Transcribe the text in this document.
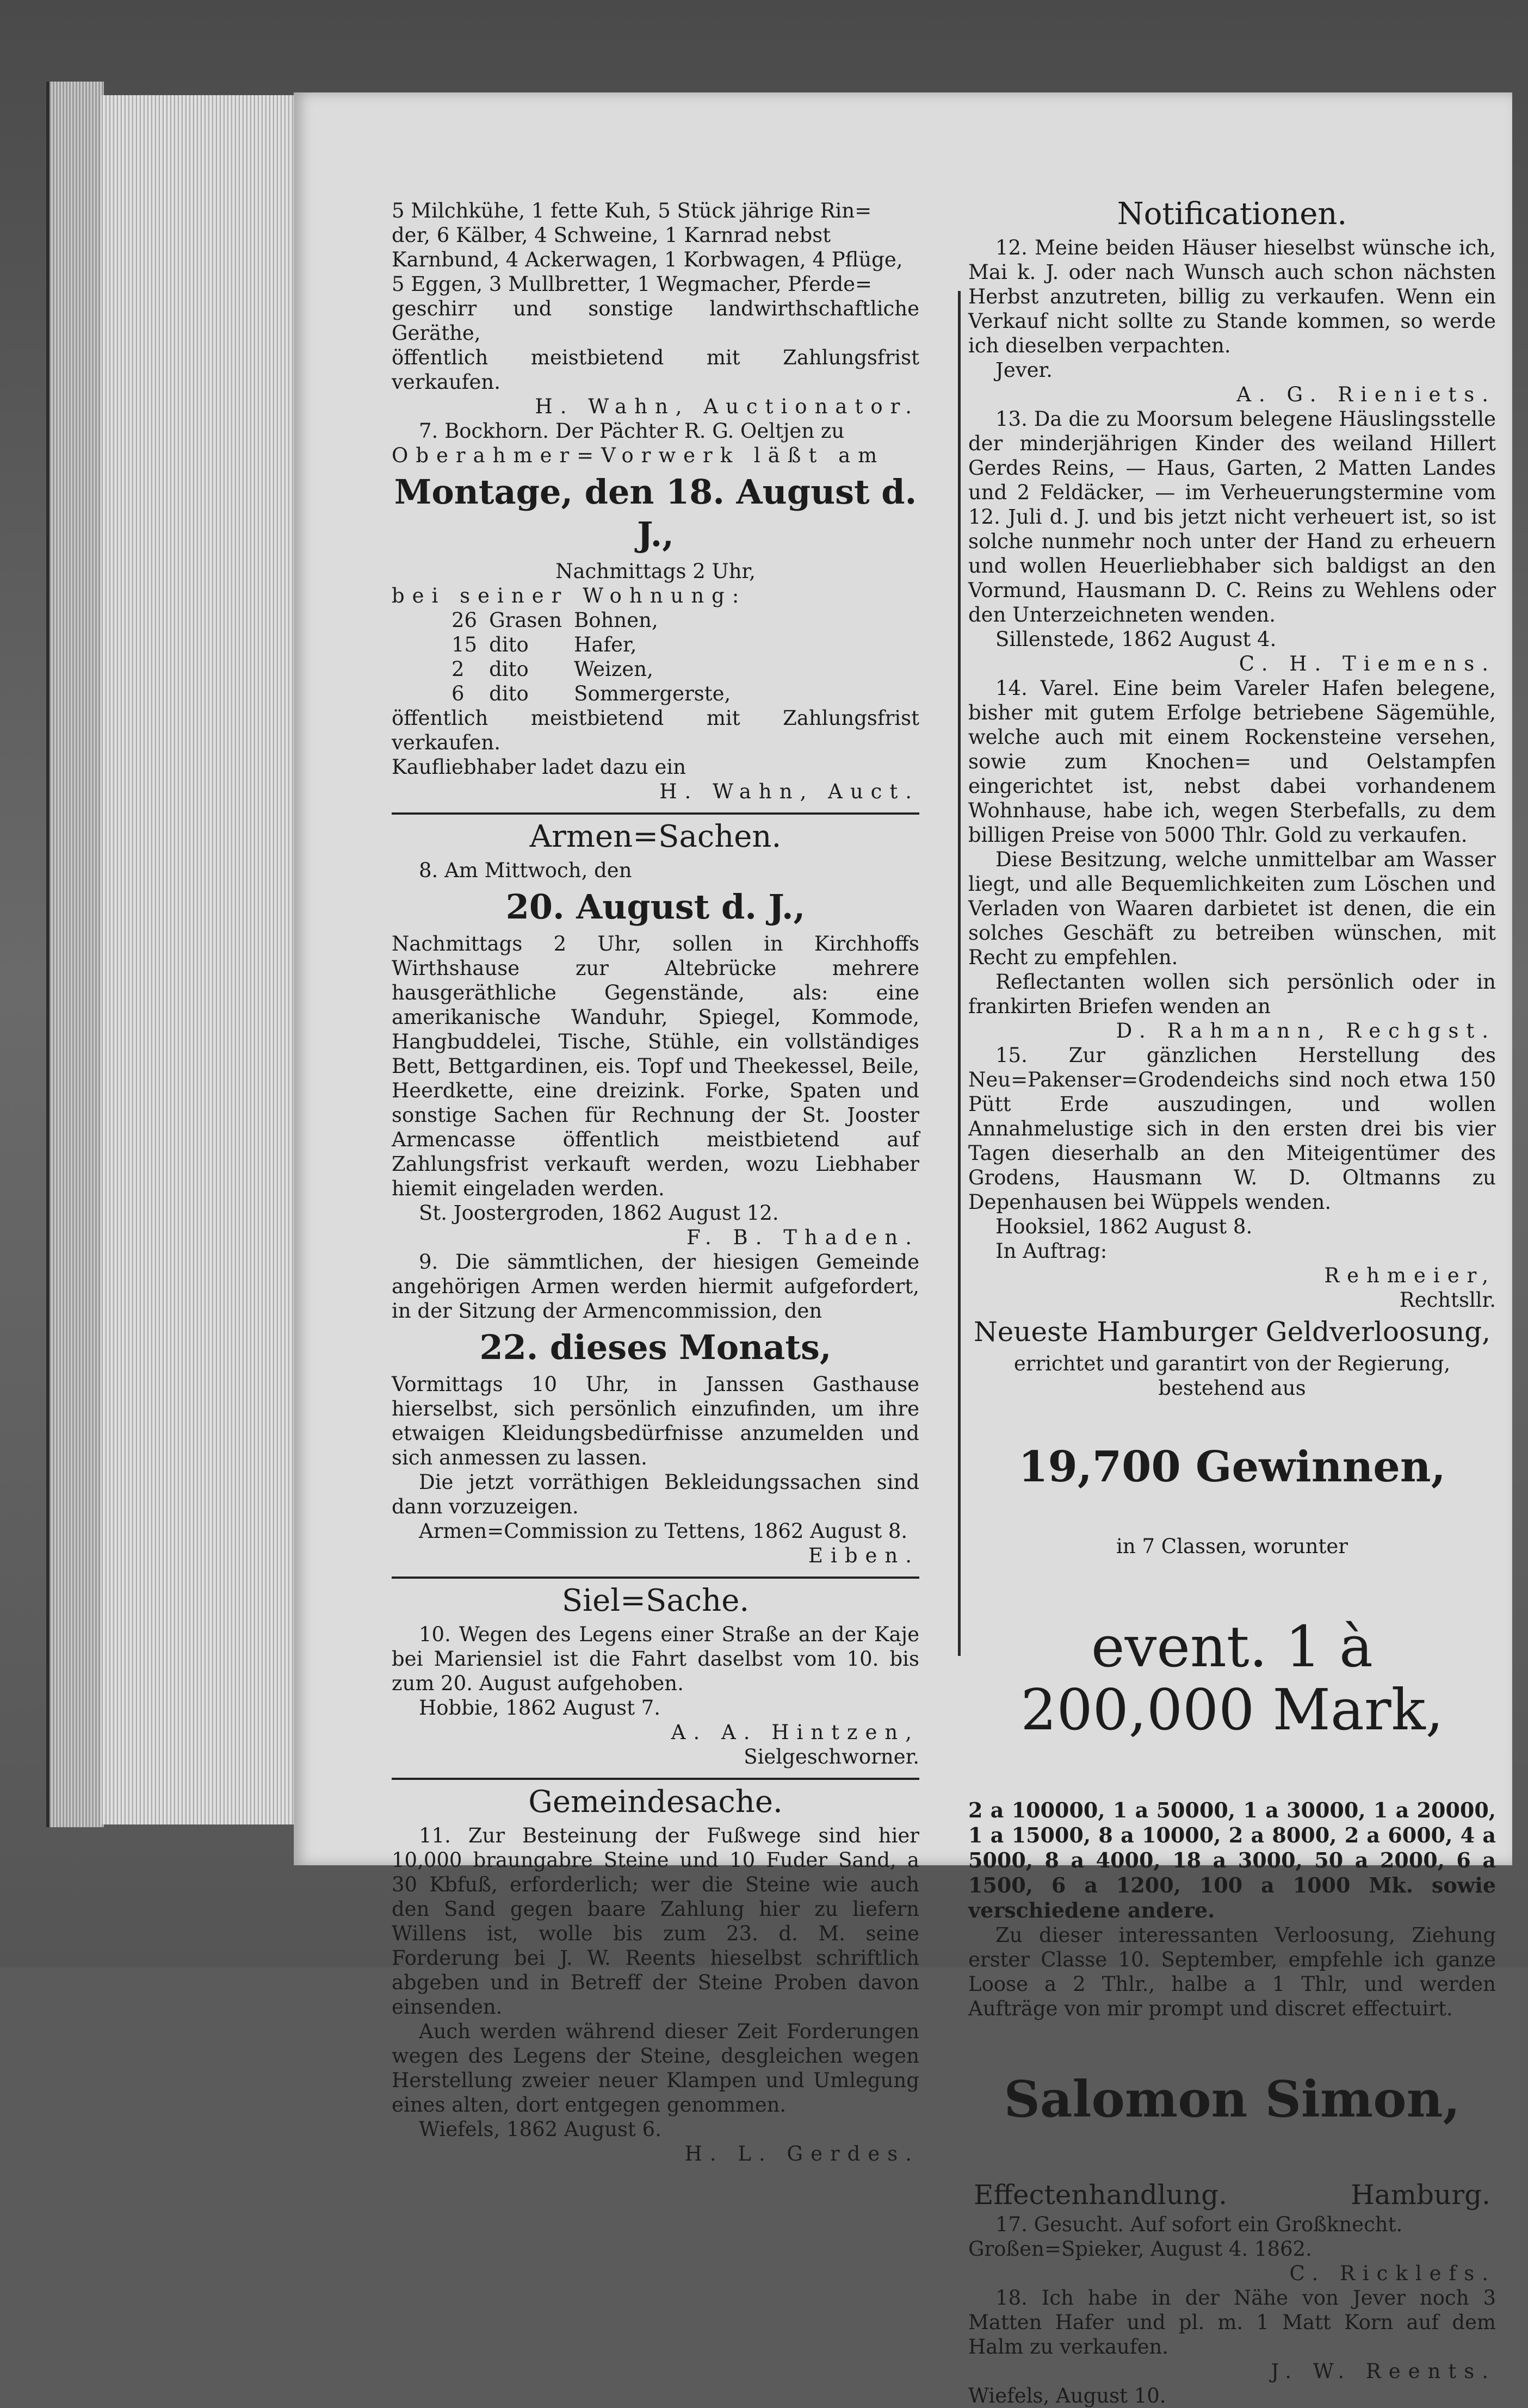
5 Milchkühe, 1 fette Kuh, 5 Stück jährige Rin=

der, 6 Kälber, 4 Schweine, 1 Karnrad nebst

Karnbund, 4 Ackerwagen, 1 Korbwagen, 4 Pflüge,

5 Eggen, 3 Mullbretter, 1 Wegmacher, Pferde=

geschirr und sonstige landwirthschaftliche Geräthe,

öffentlich meistbietend mit Zahlungsfrist verkaufen.

H. Wahn, Auctionator.

7. Bockhorn. Der Pächter R. G. Oeltjen zu

Oberahmer=Vorwerk läßt am

Montage, den 18. August d. J.,

Nachmittags 2 Uhr,

bei seiner Wohnung:

26	Grasen	Bohnen,
15	dito	Hafer,
2	dito	Weizen,
6	dito	Sommergerste,

öffentlich meistbietend mit Zahlungsfrist verkaufen.

Kaufliebhaber ladet dazu ein

H. Wahn, Auct.

Armen=Sachen.

8. Am Mittwoch, den

20. August d. J.,

Nachmittags 2 Uhr, sollen in Kirchhoffs Wirthshause zur Altebrücke mehrere hausgeräthliche Gegenstände, als: eine amerikanische Wanduhr, Spiegel, Kommode, Hangbuddelei, Tische, Stühle, ein vollständiges Bett, Bettgardinen, eis. Topf und Theekessel, Beile, Heerdkette, eine dreizink. Forke, Spaten und sonstige Sachen für Rechnung der St. Jooster Armencasse öffentlich meistbietend auf Zahlungsfrist verkauft werden, wozu Liebhaber hiemit eingeladen werden.

St. Joostergroden, 1862 August 12.

F. B. Thaden.

9. Die sämmtlichen, der hiesigen Gemeinde angehörigen Armen werden hiermit aufgefordert, in der Sitzung der Armencommission, den

22. dieses Monats,

Vormittags 10 Uhr, in Janssen Gasthause hierselbst, sich persönlich einzufinden, um ihre etwaigen Kleidungsbedürfnisse anzumelden und sich anmessen zu lassen.

Die jetzt vorräthigen Bekleidungssachen sind dann vorzuzeigen.

Armen=Commission zu Tettens, 1862 August 8.

Eiben.

Siel=Sache.

10. Wegen des Legens einer Straße an der Kaje bei Mariensiel ist die Fahrt daselbst vom 10. bis zum 20. August aufgehoben.

Hobbie, 1862 August 7.

A. A. Hintzen,

Sielgeschworner.

Gemeindesache.

11. Zur Besteinung der Fußwege sind hier 10,000 braungabre Steine und 10 Fuder Sand, a 30 Kbfuß, erforderlich; wer die Steine wie auch den Sand gegen baare Zahlung hier zu liefern Willens ist, wolle bis zum 23. d. M. seine Forderung bei J. W. Reents hieselbst schriftlich abgeben und in Betreff der Steine Proben davon einsenden.

Auch werden während dieser Zeit Forderungen wegen des Legens der Steine, desgleichen wegen Herstellung zweier neuer Klampen und Umlegung eines alten, dort entgegen genommen.

Wiefels, 1862 August 6.

H. L. Gerdes.

Notificationen.

12. Meine beiden Häuser hieselbst wünsche ich, Mai k. J. oder nach Wunsch auch schon nächsten Herbst anzutreten, billig zu verkaufen. Wenn ein Verkauf nicht sollte zu Stande kommen, so werde ich dieselben verpachten.

Jever.

A. G. Rieniets.

13. Da die zu Moorsum belegene Häuslingsstelle der minderjährigen Kinder des weiland Hillert Gerdes Reins, — Haus, Garten, 2 Matten Landes und 2 Feldäcker, — im Verheuerungstermine vom 12. Juli d. J. und bis jetzt nicht verheuert ist, so ist solche nunmehr noch unter der Hand zu erheuern und wollen Heuerliebhaber sich baldigst an den Vormund, Hausmann D. C. Reins zu Wehlens oder den Unterzeichneten wenden.

Sillenstede, 1862 August 4.

C. H. Tiemens.

14. Varel. Eine beim Vareler Hafen belegene, bisher mit gutem Erfolge betriebene Sägemühle, welche auch mit einem Rockensteine versehen, sowie zum Knochen= und Oelstampfen eingerichtet ist, nebst dabei vorhandenem Wohnhause, habe ich, wegen Sterbefalls, zu dem billigen Preise von 5000 Thlr. Gold zu verkaufen.

Diese Besitzung, welche unmittelbar am Wasser liegt, und alle Bequemlichkeiten zum Löschen und Verladen von Waaren darbietet ist denen, die ein solches Geschäft zu betreiben wünschen, mit Recht zu empfehlen.

Reflectanten wollen sich persönlich oder in frankirten Briefen wenden an

D. Rahmann, Rechgst.

15. Zur gänzlichen Herstellung des Neu=Pakenser=Grodendeichs sind noch etwa 150 Pütt Erde auszudingen, und wollen Annahmelustige sich in den ersten drei bis vier Tagen dieserhalb an den Miteigentümer des Grodens, Hausmann W. D. Oltmanns zu Depenhausen bei Wüppels wenden.

Hooksiel, 1862 August 8.

In Auftrag:

Rehmeier,

Rechtsllr.

Neueste Hamburger Geldverloosung,

errichtet und garantirt von der Regierung, bestehend aus

19,700 Gewinnen,

in 7 Classen, worunter

event. 1 à 200,000 Mark,

2 a 100000, 1 a 50000, 1 a 30000, 1 a 20000, 1 a 15000, 8 a 10000, 2 a 8000, 2 a 6000, 4 a 5000, 8 a 4000, 18 a 3000, 50 a 2000, 6 a 1500, 6 a 1200, 100 a 1000 Mk. sowie verschiedene andere.

Zu dieser interessanten Verloosung, Ziehung erster Classe 10. September, empfehle ich ganze Loose a 2 Thlr., halbe a 1 Thlr, und werden Aufträge von mir prompt und discret effectuirt.

Salomon Simon,

Effectenhandlung.	Hamburg.

17. Gesucht. Auf sofort ein Großknecht.

Großen=Spieker, August 4. 1862.

C. Ricklefs.

18. Ich habe in der Nähe von Jever noch 3 Matten Hafer und pl. m. 1 Matt Korn auf dem Halm zu verkaufen.

J. W. Reents.

Wiefels, August 10.
